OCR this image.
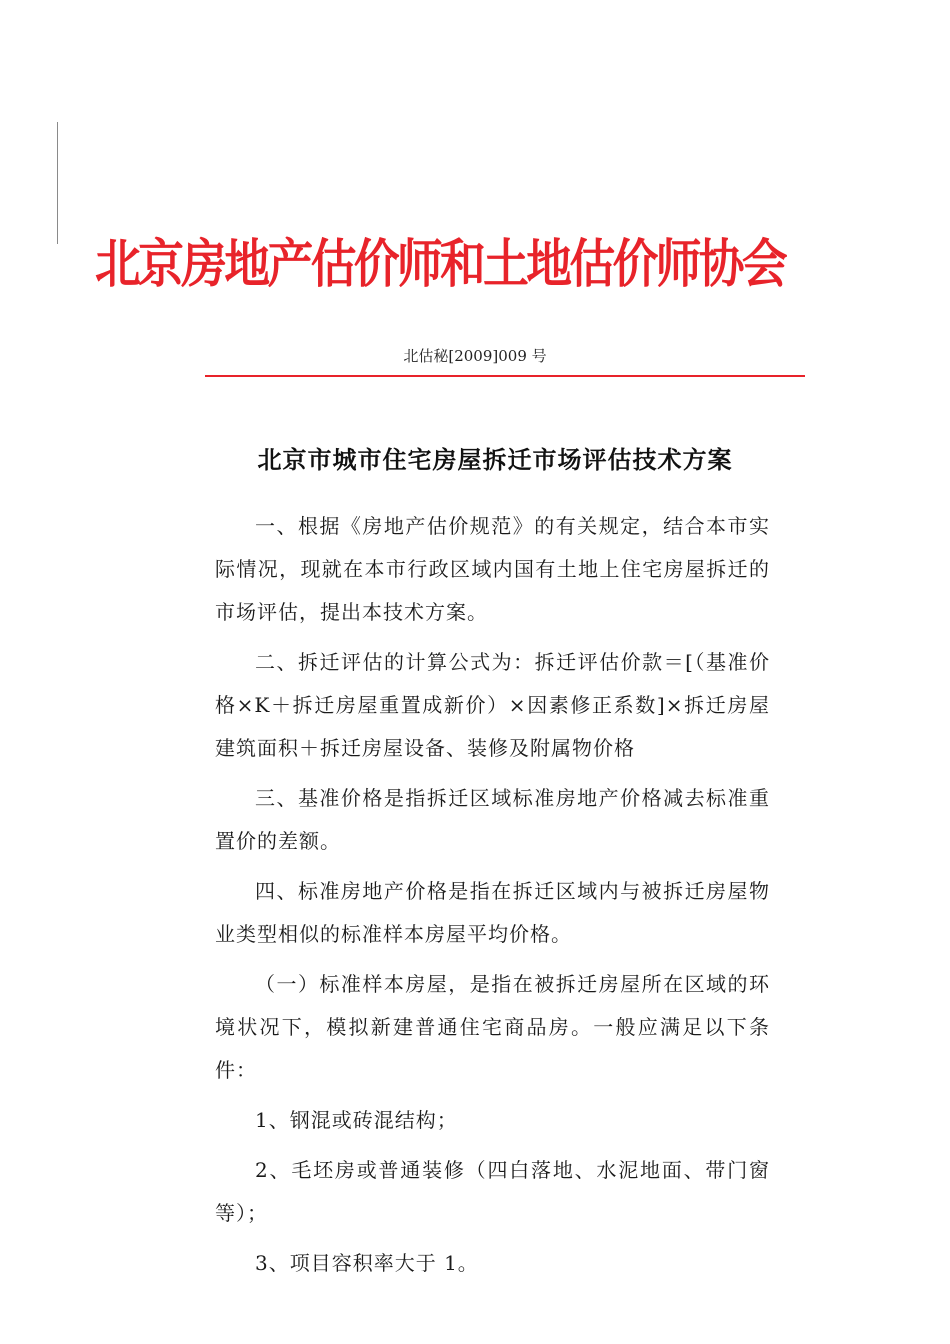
北京房地产估价师和土地估价师协会
北估秘[2009]009 号
北京市城市住宅房屋拆迁市场评估技术方案

一、根据《房地产估价规范》的有关规定，结合本市实际情况，现就在本市行政区域内国有土地上住宅房屋拆迁的市场评估，提出本技术方案。

二、拆迁评估的计算公式为：拆迁评估价款＝[（基准价格×K＋拆迁房屋重置成新价）×因素修正系数]×拆迁房屋建筑面积＋拆迁房屋设备、装修及附属物价格

三、基准价格是指拆迁区域标准房地产价格减去标准重置价的差额。

四、标准房地产价格是指在拆迁区域内与被拆迁房屋物业类型相似的标准样本房屋平均价格。

（一）标准样本房屋，是指在被拆迁房屋所在区域的环境状况下，模拟新建普通住宅商品房。一般应满足以下条件：

1、钢混或砖混结构；

2、毛坯房或普通装修（四白落地、水泥地面、带门窗等）；

3、项目容积率大于 1。
